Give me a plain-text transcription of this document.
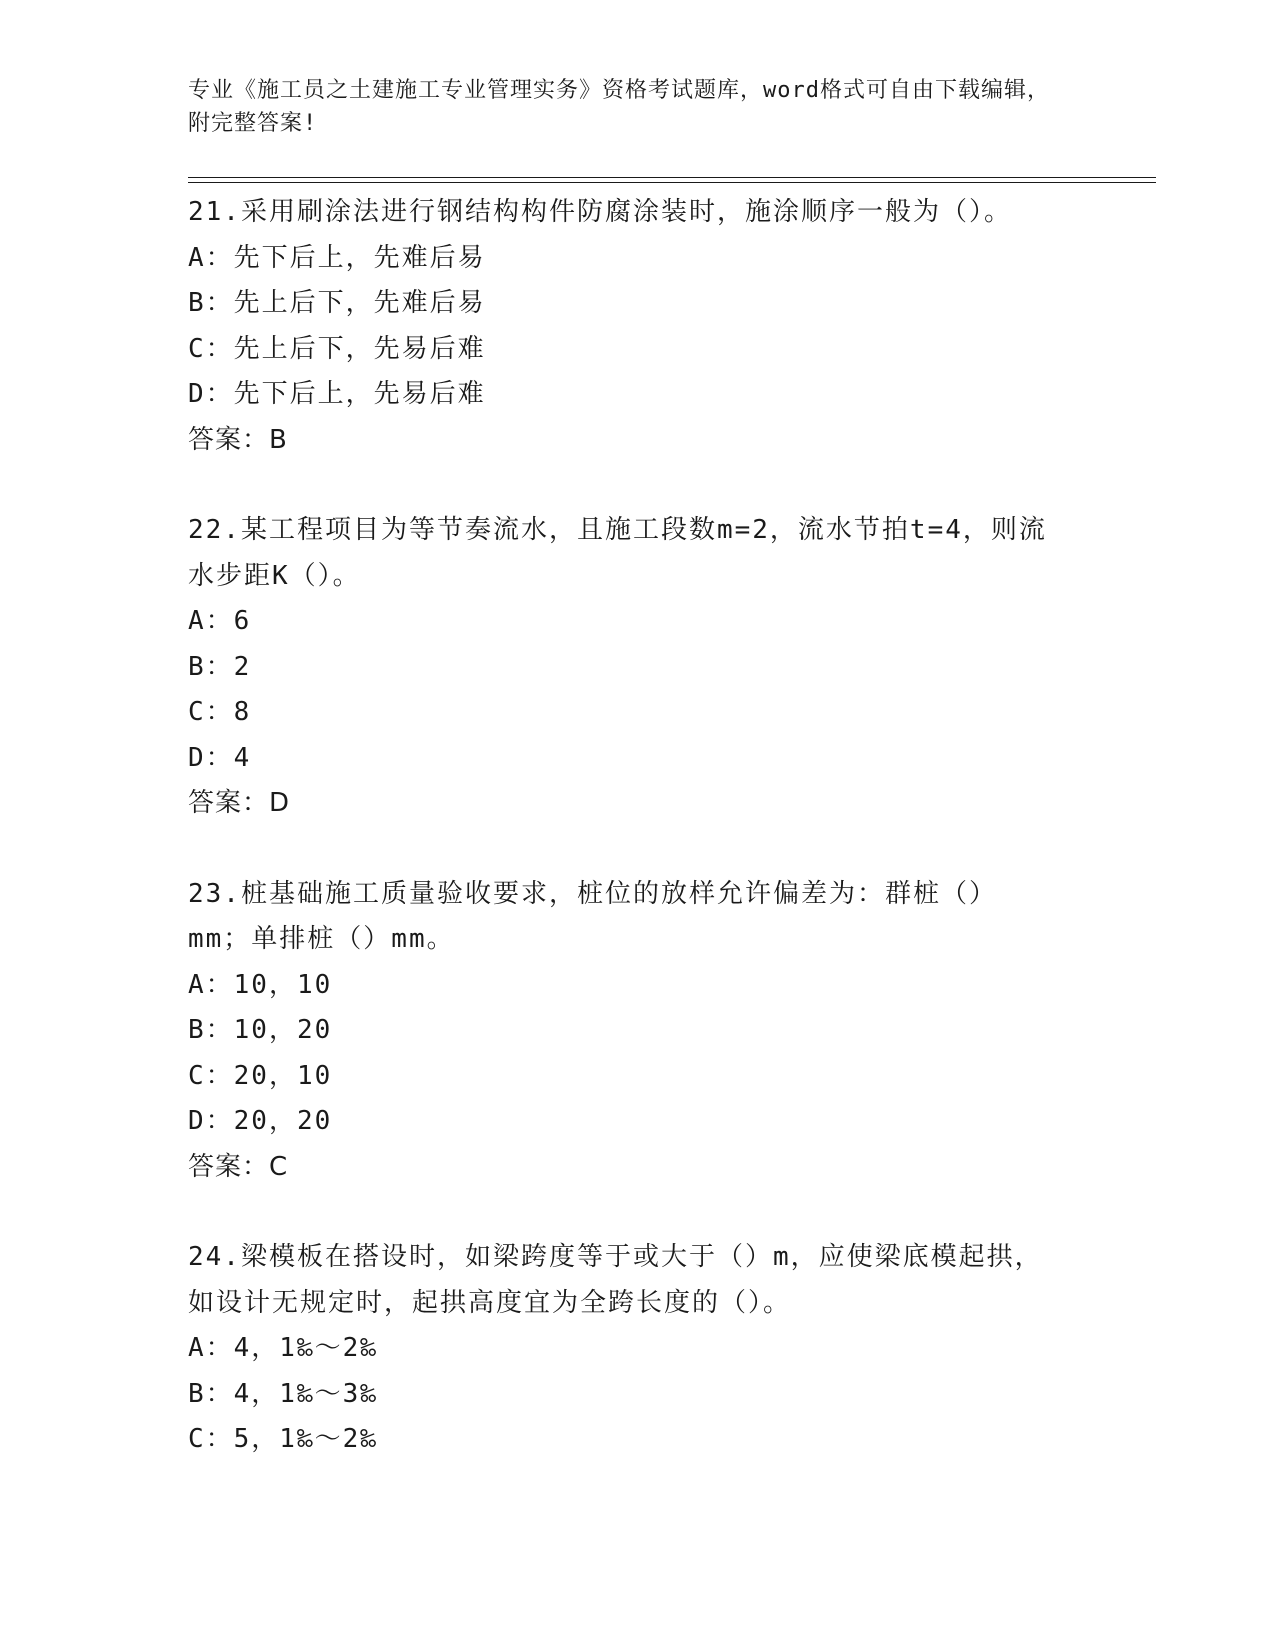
专业《施工员之土建施工专业管理实务》资格考试题库，word格式可自由下载编辑，附完整答案!

21.采用刷涂法进行钢结构构件防腐涂装时，施涂顺序一般为（）。

A：先下后上，先难后易

B：先上后下，先难后易

C：先上后下，先易后难

D：先下后上，先易后难

答案：B

22.某工程项目为等节奏流水，且施工段数m=2，流水节拍t=4，则流水步距K（）。

A：6

B：2

C：8

D：4

答案：D

23.桩基础施工质量验收要求，桩位的放样允许偏差为：群桩（）mm；单排桩（）mm。

A：10，10

B：10，20

C：20，10

D：20，20

答案：C

24.梁模板在搭设时，如梁跨度等于或大于（）m，应使梁底模起拱，如设计无规定时，起拱高度宜为全跨长度的（）。

A：4，1‰～2‰

B：4，1‰～3‰

C：5，1‰～2‰
